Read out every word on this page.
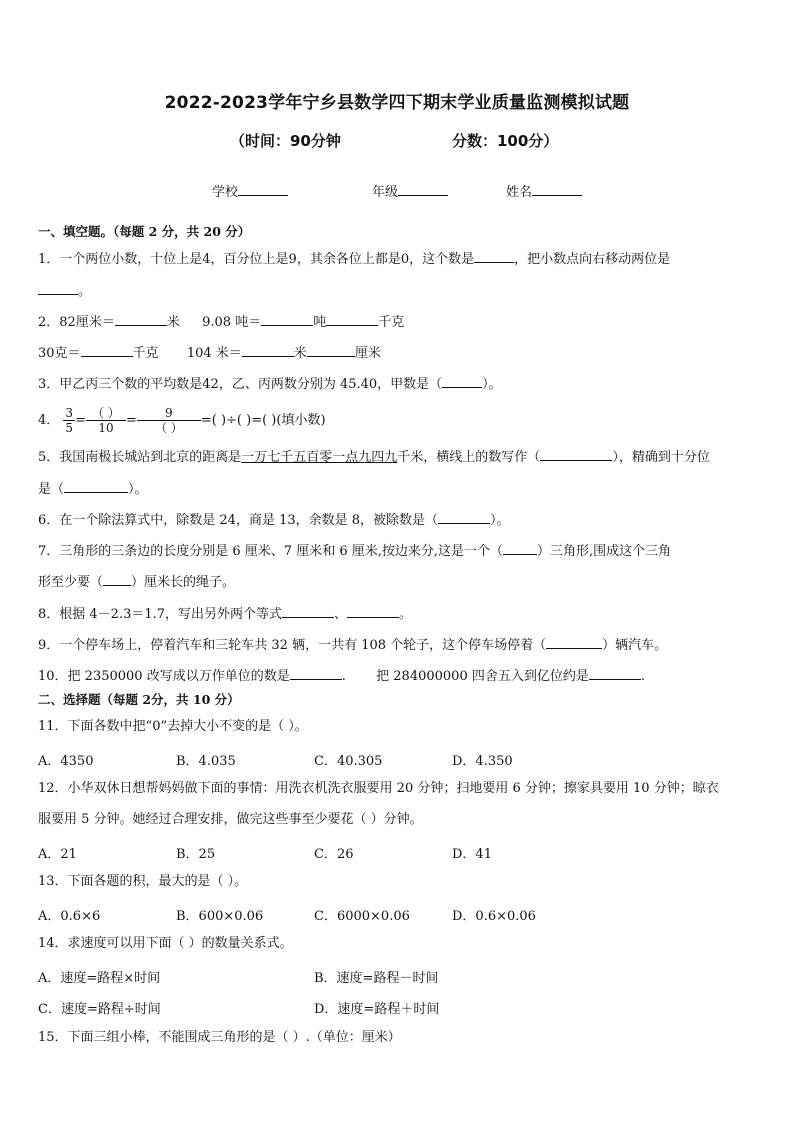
2022-2023学年宁乡县数学四下期末学业质量监测模拟试题
（时间：90分钟	分数：100分）
学校	年级	姓名
一、填空题。（每题 2 分，共 20 分）
1．一个两位小数，十位上是4，百分位上是9，其余各位上都是0，这个数是	，把小数点向右移动两位是
。
2．82厘米＝	米 9.08 吨＝	吨	千克
30克＝	千克 104 米＝	米	厘米
3．甲乙丙三个数的平均数是42，乙、丙两数分别为 45.40，甲数是（	）。
4． $\frac{3}{5} = \frac{( )}{10} = \frac{9}{( )}$ =( )÷( )=( )(填小数)
5．我国南极长城站到北京的距离是一万七千五百零一点九四九千米，横线上的数写作（	），精确到十分位
是（	）。
6．在一个除法算式中，除数是 24，商是 13，余数是 8，被除数是（	）。
7．三角形的三条边的长度分别是 6 厘米、7 厘米和 6 厘米,按边来分,这是一个（	）三角形,围成这个三角
形至少要（ ）厘米长的绳子。
8．根据 4－2.3＝1.7，写出另外两个等式	、	。
9．一个停车场上，停着汽车和三轮车共 32 辆，一共有 108 个轮子，这个停车场停着（	）辆汽车。
10．把 2350000 改写成以万作单位的数是	. 把 284000000 四舍五入到亿位约是	.
二、选择题（每题 2分，共 10 分）
11．下面各数中把“0”去掉大小不变的是（ ）。
A．4350	B．4.035	C．40.305	D．4.350
12．小华双休日想帮妈妈做下面的事情：用洗衣机洗衣服要用 20 分钟；扫地要用 6 分钟；擦家具要用 10 分钟；晾衣
服要用 5 分钟。她经过合理安排，做完这些事至少要花（ ）分钟。
A．21	B．25	C．26	D．41
13．下面各题的积，最大的是（ ）。
A．0.6×6	B．600×0.06	C．6000×0.06	D．0.6×0.06
14．求速度可以用下面（ ）的数量关系式。
A．速度=路程×时间	B．速度=路程－时间
C．速度=路程÷时间	D．速度=路程＋时间
15．下面三组小棒，不能围成三角形的是（ ）.（单位：厘米）
